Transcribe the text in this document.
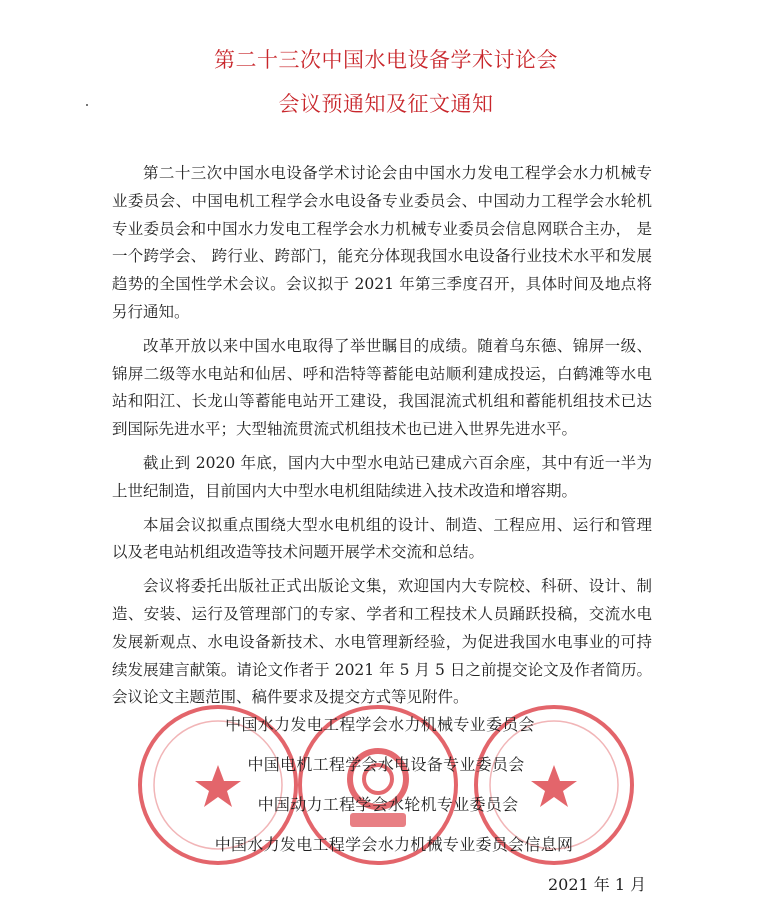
第二十三次中国水电设备学术讨论会
会议预通知及征文通知

第二十三次中国水电设备学术讨论会由中国水力发电工程学会水力机械专业委员会、中国电机工程学会水电设备专业委员会、中国动力工程学会水轮机专业委员会和中国水力发电工程学会水力机械专业委员会信息网联合主办， 是一个跨学会、 跨行业、跨部门，能充分体现我国水电设备行业技术水平和发展趋势的全国性学术会议。会议拟于 2021 年第三季度召开，具体时间及地点将另行通知。

改革开放以来中国水电取得了举世瞩目的成绩。随着乌东德、锦屏一级、锦屏二级等水电站和仙居、呼和浩特等蓄能电站顺利建成投运，白鹤滩等水电站和阳江、长龙山等蓄能电站开工建设，我国混流式机组和蓄能机组技术已达到国际先进水平；大型轴流贯流式机组技术也已进入世界先进水平。

截止到 2020 年底，国内大中型水电站已建成六百余座，其中有近一半为上世纪制造，目前国内大中型水电机组陆续进入技术改造和增容期。

本届会议拟重点围绕大型水电机组的设计、制造、工程应用、运行和管理以及老电站机组改造等技术问题开展学术交流和总结。

会议将委托出版社正式出版论文集，欢迎国内大专院校、科研、设计、制造、安装、运行及管理部门的专家、学者和工程技术人员踊跃投稿，交流水电发展新观点、水电设备新技术、水电管理新经验，为促进我国水电事业的可持续发展建言献策。请论文作者于 2021 年 5 月 5 日之前提交论文及作者简历。会议论文主题范围、稿件要求及提交方式等见附件。

中国水力发电工程学会水力机械专业委员会
中国电机工程学会水电设备专业委员会
中国动力工程学会水轮机专业委员会
中国水力发电工程学会水力机械专业委员会信息网
2021 年 1 月
